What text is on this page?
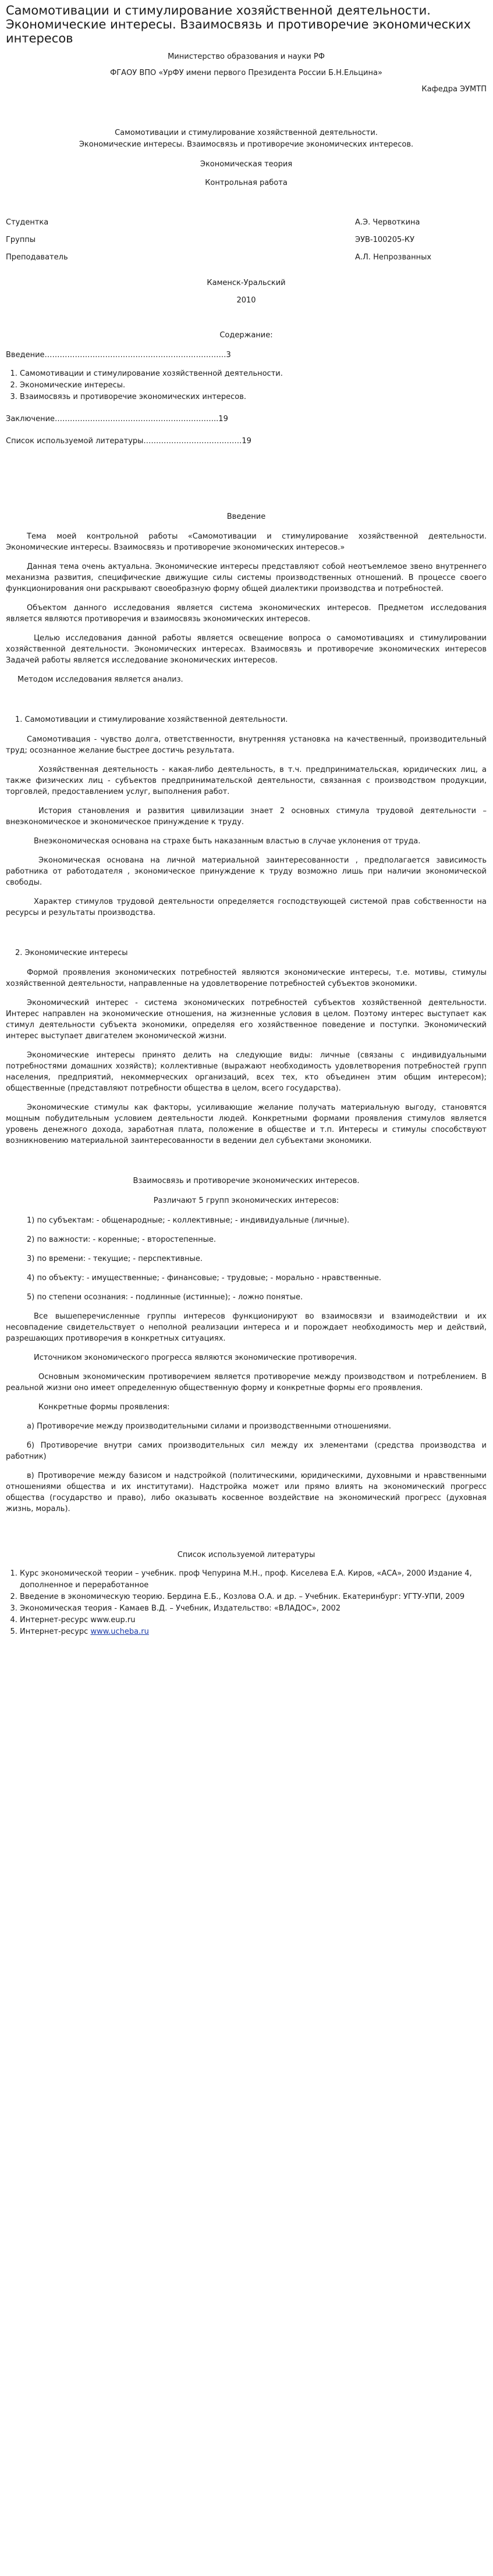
Самомотивации и стимулирование хозяйственной деятельности. Экономические интересы. Взаимосвязь и противоречие экономических интересов
Министерство образования и науки РФ
ФГАОУ ВПО «УрФУ имени первого Президента России Б.Н.Ельцина»
Кафедра ЭУМТП
Самомотивации и стимулирование хозяйственной деятельности.
Экономические интересы. Взаимосвязь и противоречие экономических интересов.
Экономическая теория
Контрольная работа
Студентка	А.Э. Червоткина
Группы	ЭУВ-100205-КУ
Преподаватель	А.Л. Непрозванных
Каменск-Уральский
2010
Содержание:
Введение………………………………………………………………3
1. Самомотивации и стимулирование хозяйственной деятельности.
2. Экономические интересы.
3. Взаимосвязь и противоречие экономических интересов.
Заключение………………………………………………………..19
Список используемой литературы…………………………………19
Введение

Тема моей контрольной работы «Самомотивации и стимулирование хозяйственной деятельности. Экономические интересы. Взаимосвязь и противоречие экономических интересов.»

Данная тема очень актуальна. Экономические интересы представляют собой неотъемлемое звено внутреннего механизма развития, специфические движущие силы системы производственных отношений. В процессе своего функционирования они раскрывают своеобразную форму общей диалектики производства и потребностей.

Объектом данного исследования является система экономических интересов. Предметом исследования является являются противоречия и взаимосвязь экономических интересов.

Целью исследования данной работы является освещение вопроса о самомотивациях и стимулировании хозяйственной деятельности. Экономических интересах. Взаимосвязь и противоречие экономических интересов Задачей работы является исследование экономических интересов.

Методом исследования является анализ.

1. Самомотивации и стимулирование хозяйственной деятельности.

Самомотивация - чувство долга, ответственности, внутренняя установка на качественный, производительный труд; осознанное желание быстрее достичь результата.

Хозяйственная деятельность - какая-либо деятельность, в т.ч. предпринимательская, юридических лиц, а также физических лиц - субъектов предпринимательской деятельности, связанная с производством продукции, торговлей, предоставлением услуг, выполнения работ.

История становления и развития цивилизации знает 2 основных стимула трудовой деятельности – внеэкономическое и экономическое принуждение к труду.

Внеэкономическая основана на страхе быть наказанным властью в случае уклонения от труда.

Экономическая основана на личной материальной заинтересованности , предполагается зависимость работника от работодателя , экономическое принуждение к труду возможно лишь при наличии экономической свободы.

Характер стимулов трудовой деятельности определяется господствующей системой прав собственности на ресурсы и результаты производства.

2. Экономические интересы

Формой проявления экономических потребностей являются экономические интересы, т.е. мотивы, стимулы хозяйственной деятельности, направленные на удовлетворение потребностей субъектов экономики.

Экономический интерес - система экономических потребностей субъектов хозяйственной деятельности. Интерес направлен на экономические отношения, на жизненные условия в целом. Поэтому интерес выступает как стимул деятельности субъекта экономики, определяя его хозяйственное поведение и поступки. Экономический интерес выступает двигателем экономической жизни.

Экономические интересы принято делить на следующие виды: личные (связаны с индивидуальными потребностями домашних хозяйств); коллективные (выражают необходимость удовлетворения потребностей групп населения, предприятий, некоммерческих организаций, всех тех, кто объединен этим общим интересом); общественные (представляют потребности общества в целом, всего государства).

Экономические стимулы как факторы, усиливающие желание получать материальную выгоду, становятся мощным побудительным условием деятельности людей. Конкретными формами проявления стимулов является уровень денежного дохода, заработная плата, положение в обществе и т.п. Интересы и стимулы способствуют возникновению материальной заинтересованности в ведении дел субъектами экономики.

Взаимосвязь и противоречие экономических интересов.
Различают 5 групп экономических интересов:

1) по субъектам: - общенародные; - коллективные; - индивидуальные (личные).

2) по важности: - коренные; - второстепенные.

3) по времени: - текущие; - перспективные.

4) по объекту: - имущественные; - финансовые; - трудовые; - морально - нравственные.

5) по степени осознания: - подлинные (истинные); - ложно понятые.

Все вышеперечисленные группы интересов функционируют во взаимосвязи и взаимодействии и их несовпадение свидетельствует о неполной реализации интереса и и порождает необходимость мер и действий, разрешающих противоречия в конкретных ситуациях.

Источником экономического прогресса являются экономические противоречия.

Основным экономическим противоречием является противоречие между производством и потреблением. В реальной жизни оно имеет определенную общественную форму и конкретные формы его проявления.

Конкретные формы проявления:

а) Противоречие между производительными силами и производственными отношениями.

б) Противоречие внутри самих производительных сил между их элементами (средства производства и работник)

в) Противоречие между базисом и надстройкой (политическими, юридическими, духовными и нравственными отношениями общества и их институтами). Надстройка может или прямо влиять на экономический прогресс общества (государство и право), либо оказывать косвенное воздействие на экономический прогресс (духовная жизнь, мораль).

Список используемой литературы
1. Курс экономической теории – учебник. проф Чепурина М.Н., проф. Киселева Е.А. Киров, «АСА», 2000 Издание 4, дополненное и переработанное
2. Введение в экономическую теорию. Бердина Е.Б., Козлова О.А. и др. – Учебник. Екатеринбург: УГТУ-УПИ, 2009
3. Экономическая теория - Камаев В.Д. – Учебник, Издательство: «ВЛАДОС», 2002
4. Интернет-ресурс www.eup.ru
5. Интернет-ресурс www.ucheba.ru
